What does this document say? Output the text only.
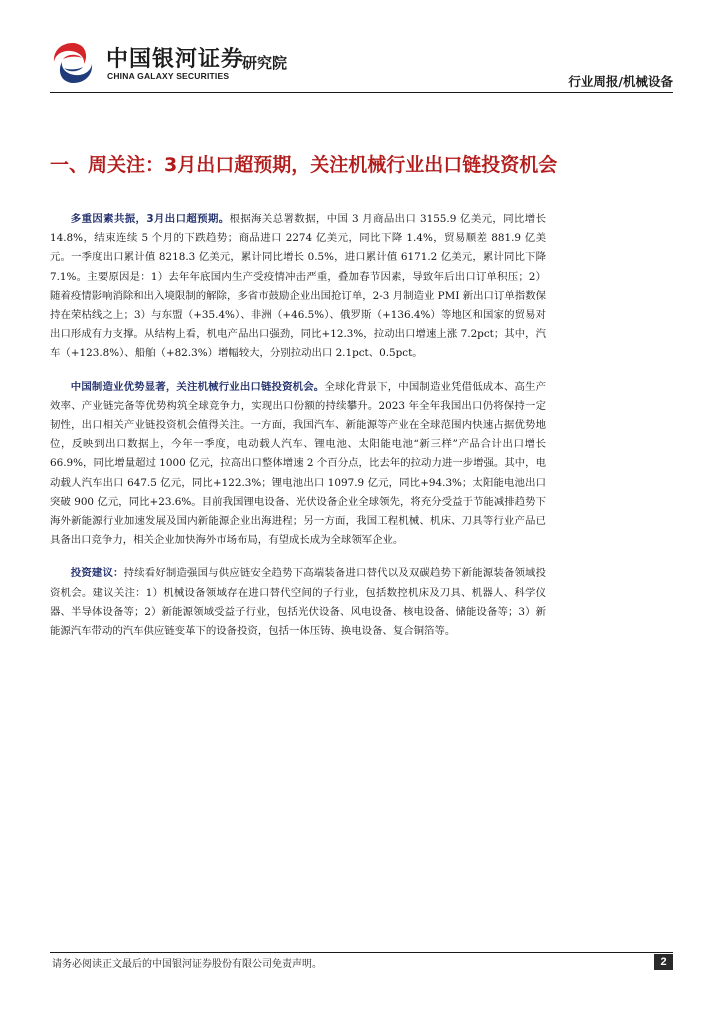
中国银河证券
研究院
CHINA GALAXY SECURITIES	行业周报/机械设备
一、周关注：3月出口超预期，关注机械行业出口链投资机会

多重因素共振，3月出口超预期。根据海关总署数据，中国 3 月商品出口 3155.9 亿美元，同比增长 14.8%，结束连续 5 个月的下跌趋势；商品进口 2274 亿美元，同比下降 1.4%，贸易顺差 881.9 亿美元。一季度出口累计值 8218.3 亿美元，累计同比增长 0.5%，进口累计值 6171.2 亿美元，累计同比下降 7.1%。主要原因是：1）去年年底国内生产受疫情冲击严重，叠加春节因素，导致年后出口订单积压；2）随着疫情影响消除和出入境限制的解除，多省市鼓励企业出国抢订单，2-3 月制造业 PMI 新出口订单指数保持在荣枯线之上；3）与东盟（+35.4%）、非洲（+46.5%）、俄罗斯（+136.4%）等地区和国家的贸易对出口形成有力支撑。从结构上看，机电产品出口强劲，同比+12.3%，拉动出口增速上涨 7.2pct；其中，汽车（+123.8%）、船舶（+82.3%）增幅较大，分别拉动出口 2.1pct、0.5pct。

中国制造业优势显著，关注机械行业出口链投资机会。全球化背景下，中国制造业凭借低成本、高生产效率、产业链完备等优势构筑全球竞争力，实现出口份额的持续攀升。2023 年全年我国出口仍将保持一定韧性，出口相关产业链投资机会值得关注。一方面，我国汽车、新能源等产业在全球范围内快速占据优势地位，反映到出口数据上，今年一季度，电动载人汽车、锂电池、太阳能电池“新三样”产品合计出口增长 66.9%，同比增量超过 1000 亿元，拉高出口整体增速 2 个百分点，比去年的拉动力进一步增强。其中，电动载人汽车出口 647.5 亿元，同比+122.3%；锂电池出口 1097.9 亿元，同比+94.3%；太阳能电池出口突破 900 亿元，同比+23.6%。目前我国锂电设备、光伏设备企业全球领先，将充分受益于节能减排趋势下海外新能源行业加速发展及国内新能源企业出海进程；另一方面，我国工程机械、机床、刀具等行业产品已具备出口竞争力，相关企业加快海外市场布局，有望成长成为全球领军企业。

投资建议：持续看好制造强国与供应链安全趋势下高端装备进口替代以及双碳趋势下新能源装备领域投资机会。建议关注：1）机械设备领域存在进口替代空间的子行业，包括数控机床及刀具、机器人、科学仪器、半导体设备等；2）新能源领域受益子行业，包括光伏设备、风电设备、核电设备、储能设备等；3）新能源汽车带动的汽车供应链变革下的设备投资，包括一体压铸、换电设备、复合铜箔等。

请务必阅读正文最后的中国银河证券股份有限公司免责声明。	2
